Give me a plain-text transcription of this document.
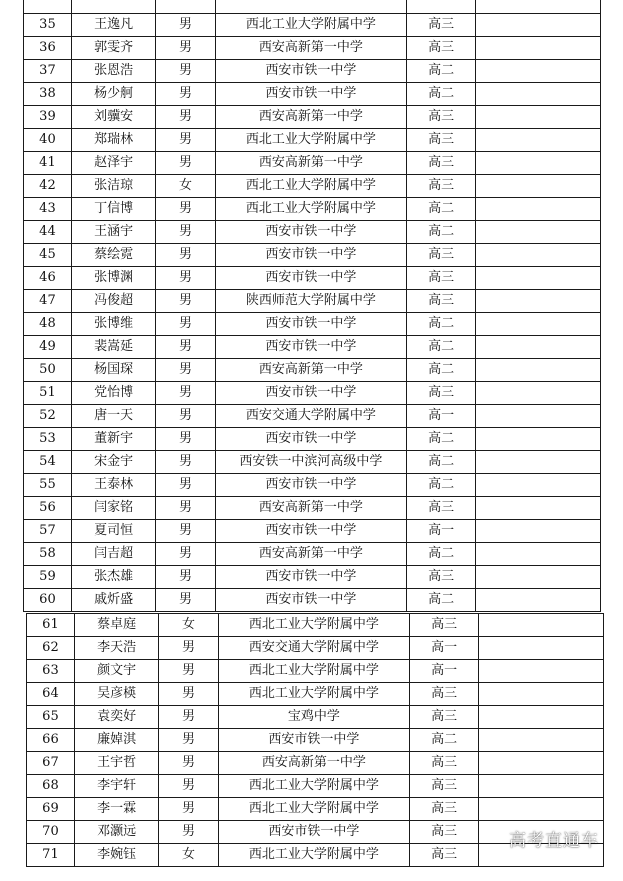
35	王逸凡	男	西北工业大学附属中学	高三	
36	郭雯齐	男	西安高新第一中学	高三	
37	张恩浩	男	西安市铁一中学	高二	
38	杨少舸	男	西安市铁一中学	高二	
39	刘骥安	男	西安高新第一中学	高三	
40	郑瑞林	男	西北工业大学附属中学	高三	
41	赵泽宇	男	西安高新第一中学	高三	
42	张洁琼	女	西北工业大学附属中学	高三	
43	丁信博	男	西北工业大学附属中学	高二	
44	王涵宇	男	西安市铁一中学	高二	
45	蔡绘霓	男	西安市铁一中学	高三	
46	张博渊	男	西安市铁一中学	高三	
47	冯俊超	男	陕西师范大学附属中学	高三	
48	张博维	男	西安市铁一中学	高二	
49	裴嵩延	男	西安市铁一中学	高二	
50	杨国琛	男	西安高新第一中学	高二	
51	党怡博	男	西安市铁一中学	高三	
52	唐一天	男	西安交通大学附属中学	高一	
53	董新宇	男	西安市铁一中学	高二	
54	宋金宇	男	西安铁一中滨河高级中学	高二	
55	王泰林	男	西安市铁一中学	高二	
56	闫家铭	男	西安高新第一中学	高三	
57	夏司恒	男	西安市铁一中学	高一	
58	闫吉超	男	西安高新第一中学	高二	
59	张杰雄	男	西安市铁一中学	高三	
60	戚炘盛	男	西安市铁一中学	高二	
61	蔡卓庭	女	西北工业大学附属中学	高三	
62	李天浩	男	西安交通大学附属中学	高一	
63	颜文宇	男	西北工业大学附属中学	高一	
64	吴彦楧	男	西北工业大学附属中学	高三	
65	袁奕好	男	宝鸡中学	高三	
66	廉婥淇	男	西安市铁一中学	高二	
67	王宇哲	男	西安高新第一中学	高三	
68	李宇轩	男	西北工业大学附属中学	高三	
69	李一霖	男	西北工业大学附属中学	高三	
70	邓灏远	男	西安市铁一中学	高三	
71	李婉钰	女	西北工业大学附属中学	高三	
高考直通车
